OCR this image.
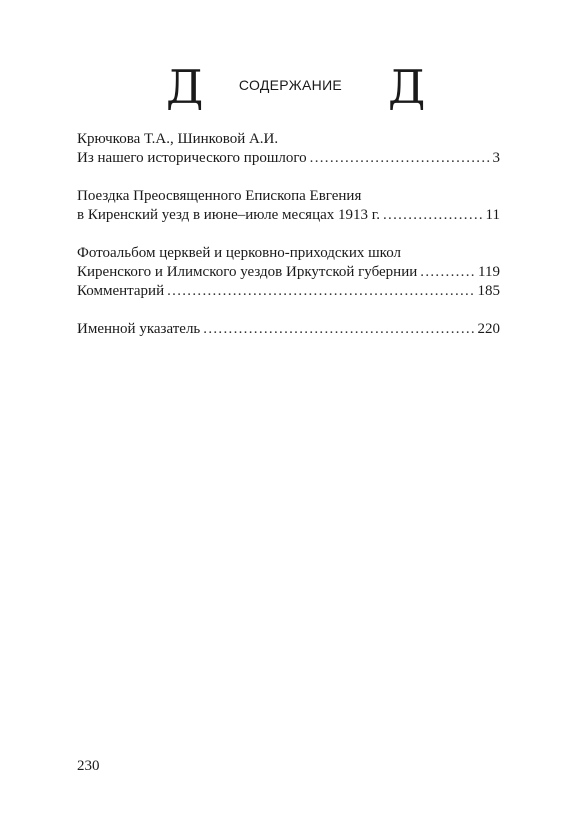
Д	СОДЕРЖАНИЕ Д
Крючкова Т.А., Шинковой А.И.
Из нашего исторического прошлого .....	3
Поездка Преосвященного Епископа Евгения
в Киренский уезд в июне–июле месяцах 1913 г. .....	11
Фотоальбом церквей и церковно-приходских школ
Киренского и Илимского уездов Иркутской губернии .....	119
Комментарий .....	185
Именной указатель .....	220
230
